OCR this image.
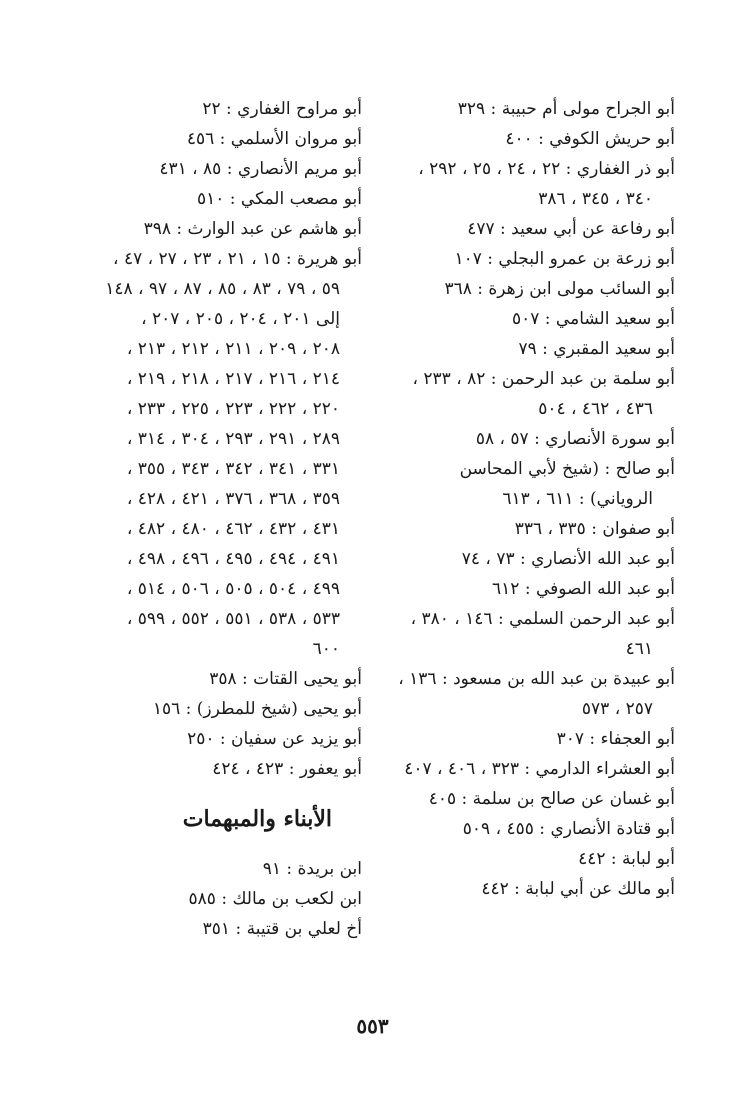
أبو الجراح مولى أم حبيبة : ٣٢٩

أبو حريش الكوفي : ٤٠٠

أبو ذر الغفاري : ٢٢ ، ٢٤ ، ٢٥ ، ٢٩٢ ،

٣٤٠ ، ٣٤٥ ، ٣٨٦

أبو رفاعة عن أبي سعيد : ٤٧٧

أبو زرعة بن عمرو البجلي : ١٠٧

أبو السائب مولى ابن زهرة : ٣٦٨

أبو سعيد الشامي : ٥٠٧

أبو سعيد المقبري : ٧٩

أبو سلمة بن عبد الرحمن : ٨٢ ، ٢٣٣ ،

٤٣٦ ، ٤٦٢ ، ٥٠٤

أبو سورة الأنصاري : ٥٧ ، ٥٨

أبو صالح : (شيخ لأبي المحاسن

الروياني) : ٦١١ ، ٦١٣

أبو صفوان : ٣٣٥ ، ٣٣٦

أبو عبد الله الأنصاري : ٧٣ ، ٧٤

أبو عبد الله الصوفي : ٦١٢

أبو عبد الرحمن السلمي : ١٤٦ ، ٣٨٠ ،

٤٦١

أبو عبيدة بن عبد الله بن مسعود : ١٣٦ ،

٢٥٧ ، ٥٧٣

أبو العجفاء : ٣٠٧

أبو العشراء الدارمي : ٣٢٣ ، ٤٠٦ ، ٤٠٧

أبو غسان عن صالح بن سلمة : ٤٠٥

أبو قتادة الأنصاري : ٤٥٥ ، ٥٠٩

أبو لبابة : ٤٤٢

أبو مالك عن أبي لبابة : ٤٤٢

أبو مراوح الغفاري : ٢٢

أبو مروان الأسلمي : ٤٥٦

أبو مريم الأنصاري : ٨٥ ، ٤٣١

أبو مصعب المكي : ٥١٠

أبو هاشم عن عبد الوارث : ٣٩٨

أبو هريرة : ١٥ ، ٢١ ، ٢٣ ، ٢٧ ، ٤٧ ،

٥٩ ، ٧٩ ، ٨٣ ، ٨٥ ، ٨٧ ، ٩٧ ، ١٤٨

إلى ٢٠١ ، ٢٠٤ ، ٢٠٥ ، ٢٠٧ ،

٢٠٨ ، ٢٠٩ ، ٢١١ ، ٢١٢ ، ٢١٣ ،

٢١٤ ، ٢١٦ ، ٢١٧ ، ٢١٨ ، ٢١٩ ،

٢٢٠ ، ٢٢٢ ، ٢٢٣ ، ٢٢٥ ، ٢٣٣ ،

٢٨٩ ، ٢٩١ ، ٢٩٣ ، ٣٠٤ ، ٣١٤ ،

٣٣١ ، ٣٤١ ، ٣٤٢ ، ٣٤٣ ، ٣٥٥ ،

٣٥٩ ، ٣٦٨ ، ٣٧٦ ، ٤٢١ ، ٤٢٨ ،

٤٣١ ، ٤٣٢ ، ٤٦٢ ، ٤٨٠ ، ٤٨٢ ،

٤٩١ ، ٤٩٤ ، ٤٩٥ ، ٤٩٦ ، ٤٩٨ ،

٤٩٩ ، ٥٠٤ ، ٥٠٥ ، ٥٠٦ ، ٥١٤ ،

٥٣٣ ، ٥٣٨ ، ٥٥١ ، ٥٥٢ ، ٥٩٩ ،

٦٠٠

أبو يحيى القتات : ٣٥٨

أبو يحيى (شيخ للمطرز) : ١٥٦

أبو يزيد عن سفيان : ٢٥٠

أبو يعفور : ٤٢٣ ، ٤٢٤

الأبناء والمبهمات

ابن بريدة : ٩١

ابن لكعب بن مالك : ٥٨٥

أخ لعلي بن قتيبة : ٣٥١

٥٥٣
